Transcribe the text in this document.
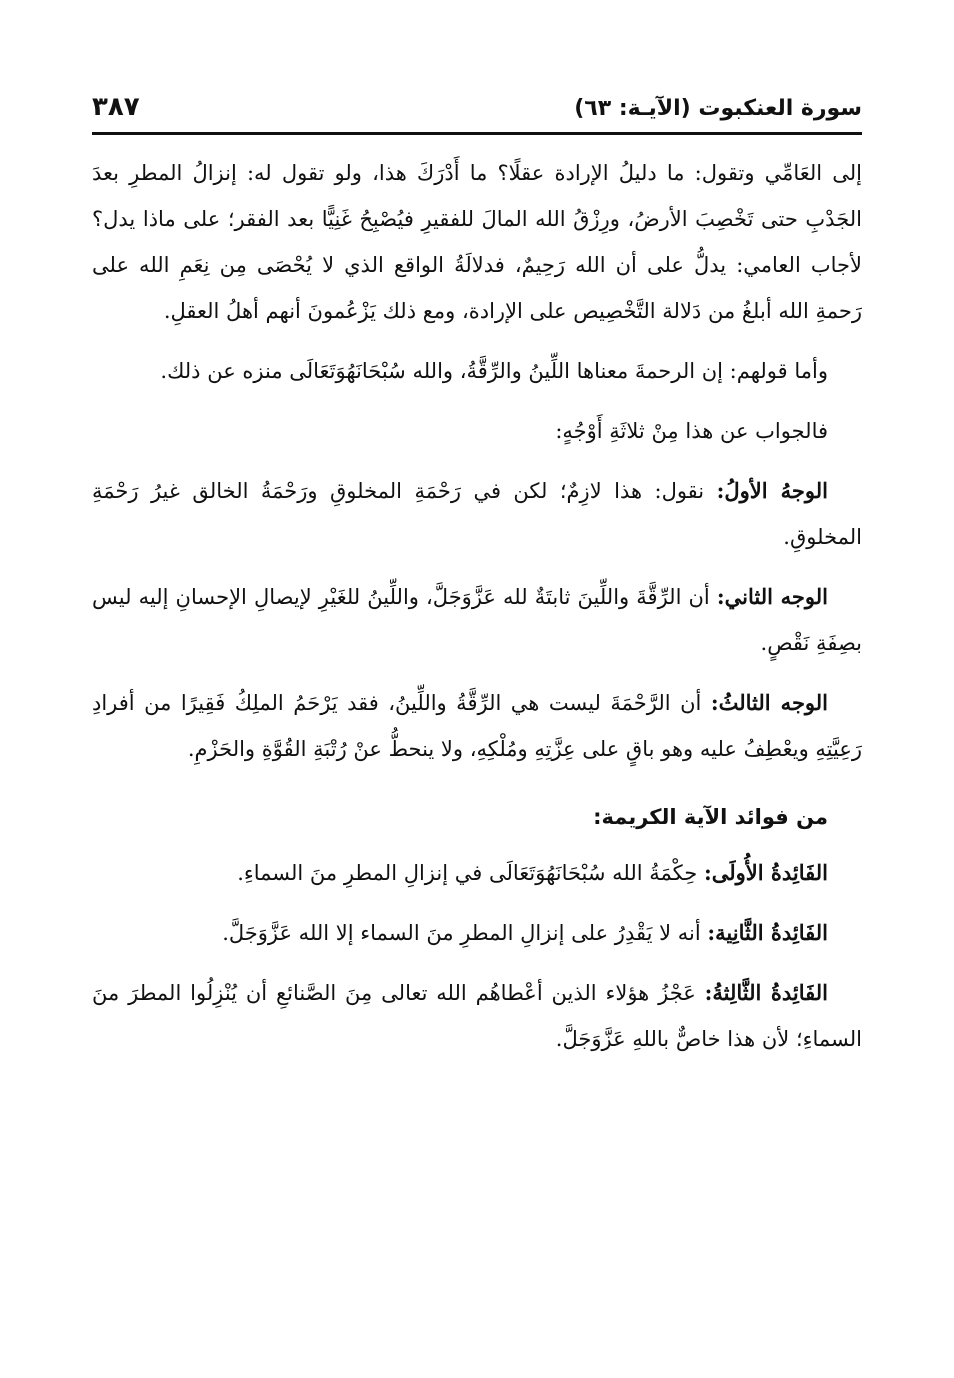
سورة العنكبوت (الآيـة: ٦٣)
٣٨٧

إلى العَامِّي وتقول: ما دليلُ الإرادة عقلًا؟ ما أَدْرَكَ هذا، ولو تقول له: إنزالُ المطرِ بعدَ الجَدْبِ حتى تَخْصِبَ الأرضُ، ورِزْقُ الله المالَ للفقيرِ فيُصْبِحُ غَنِيًّا بعد الفقر؛ على ماذا يدل؟ لأجاب العامي: يدلُّ على أن الله رَحِيمٌ، فدلالَةُ الواقع الذي لا يُحْصَى مِن نِعَمِ الله على رَحمةِ الله أبلغُ من دَلالة التَّخْصِيص على الإرادة، ومع ذلك يَزْعُمونَ أنهم أهلُ العقلِ.

وأما قولهم: إن الرحمةَ معناها اللِّينُ والرِّقَّةُ، والله سُبْحَانَهُوَتَعَالَى منزه عن ذلك.

فالجواب عن هذا مِنْ ثلاثَةِ أَوْجُهٍ:

الوجهُ الأولُ: نقول: هذا لازِمٌ؛ لكن في رَحْمَةِ المخلوقِ ورَحْمَةُ الخالق غيرُ رَحْمَةِ المخلوقِ.

الوجه الثاني: أن الرِّقَّةَ واللِّينَ ثابتَةٌ لله عَزَّوَجَلَّ، واللِّينُ للغَيْرِ لإيصالِ الإحسانِ إليه ليس بصِفَةِ نَقْصٍ.

الوجه الثالثُ: أن الرَّحْمَةَ ليست هي الرِّقَّةُ واللِّينُ، فقد يَرْحَمُ الملِكُ فَقِيرًا من أفرادِ رَعِيَّتِهِ ويعْطِفُ عليه وهو باقٍ على عِزَّتِهِ ومُلْكِهِ، ولا ينحطُّ عنْ رُتْبَةِ القُوَّةِ والحَزْمِ.

من فوائد الآية الكريمة:

الفَائِدةُ الأُولَى: حِكْمَةُ الله سُبْحَانَهُوَتَعَالَى في إنزالِ المطرِ منَ السماءِ.

الفَائِدةُ الثَّانِية: أنه لا يَقْدِرُ على إنزالِ المطرِ منَ السماء إلا الله عَزَّوَجَلَّ.

الفَائِدةُ الثَّالِثةُ: عَجْزُ هؤلاء الذين أعْطاهُم الله تعالى مِنَ الصَّنائعِ أن يُنْزِلُوا المطرَ منَ السماءِ؛ لأن هذا خاصٌّ باللهِ عَزَّوَجَلَّ.
